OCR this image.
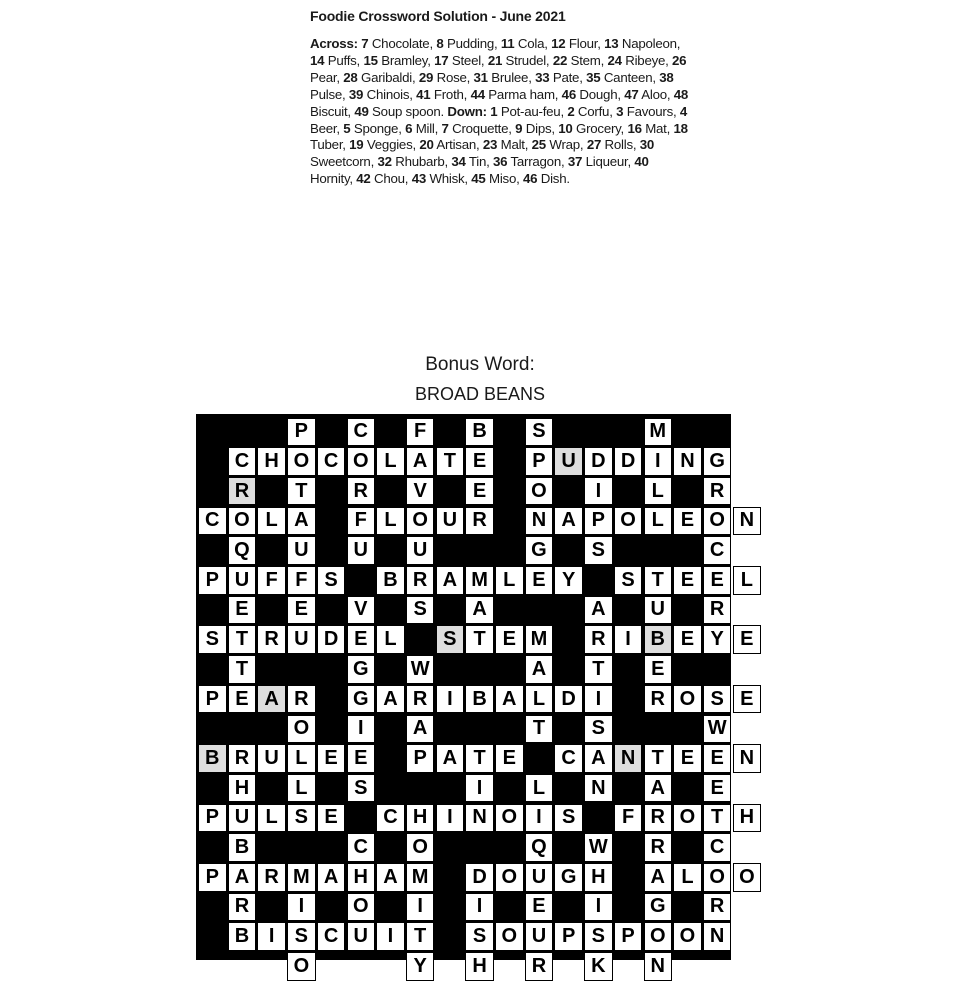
Foodie Crossword Solution - June 2021

Across: 7 Chocolate, 8 Pudding, 11 Cola, 12 Flour, 13 Napoleon, 14 Puffs, 15 Bramley, 17 Steel, 21 Strudel, 22 Stem, 24 Ribeye, 26 Pear, 28 Garibaldi, 29 Rose, 31 Brulee, 33 Pate, 35 Canteen, 38 Pulse, 39 Chinois, 41 Froth, 44 Parma ham, 46 Dough, 47 Aloo, 48 Biscuit, 49 Soup spoon. Down: 1 Pot-au-feu, 2 Corfu, 3 Favours, 4 Beer, 5 Sponge, 6 Mill, 7 Croquette, 9 Dips, 10 Grocery, 16 Mat, 18 Tuber, 19 Veggies, 20 Artisan, 23 Malt, 25 Wrap, 27 Rolls, 30 Sweetcorn, 32 Rhubarb, 34 Tin, 36 Tarragon, 37 Liqueur, 40 Hornity, 42 Chou, 43 Whisk, 45 Miso, 46 Dish.

Bonus Word:
BROAD BEANS
P	C	F	B	S	M
C H O C O L A T E	P U D D I N G
R	T	R	V	E	O	I	L	R
C O L A	F L O U R	N A P O L E O N
Q	U	U	U	G	S	C
P U F F S	B R A M L E Y	S T E E L
E	E	V	S	A	A	U	R
S T R U D E L	S T E M	R I B E Y E
T	G W	A	T	E
P E A R	G A R I B A L D I	R O S E
O	I	A	T	S	W
B R U L E E	P A T E	C A N T E E N
H	L	S	I	L	N	A	E
P U L S E	C H I N O I	S	F R O T H
B	C	O	Q W	R	C
P A R M A H A M	D O U G H	A L O O
R	I	O	I	I	E	I	G	R
B I	S C U I	T	S O U P S P O O N
O	Y	H	R	K	N
